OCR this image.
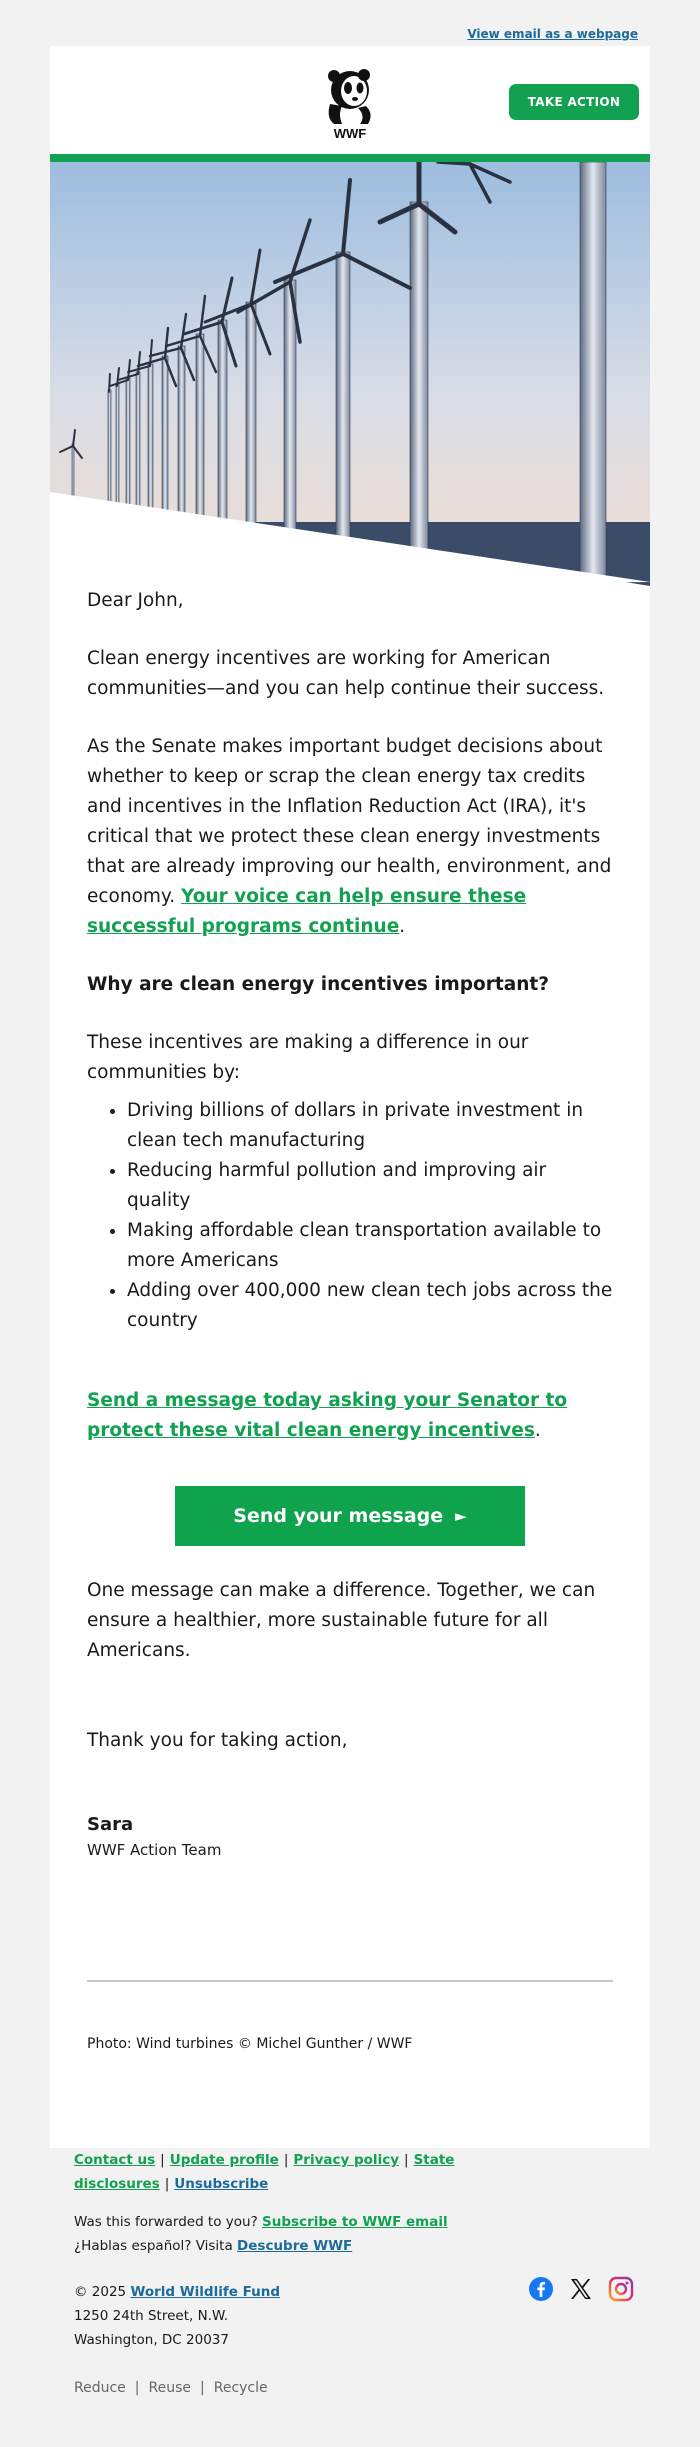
View email as a webpage
WWF
TAKE ACTION

Dear John,

Clean energy incentives are working for American communities—and you can help continue their success.

As the Senate makes important budget decisions about whether to keep or scrap the clean energy tax credits and incentives in the Inflation Reduction Act (IRA), it's critical that we protect these clean energy investments that are already improving our health, environment, and economy. Your voice can help ensure these successful programs continue.

Why are clean energy incentives important?

These incentives are making a difference in our communities by:

• Driving billions of dollars in private investment in clean tech manufacturing
• Reducing harmful pollution and improving air quality
• Making affordable clean transportation available to more Americans
• Adding over 400,000 new clean tech jobs across the country

Send a message today asking your Senator to protect these vital clean energy incentives.

Send your message ►

One message can make a difference. Together, we can ensure a healthier, more sustainable future for all Americans.

Thank you for taking action,

Sara

WWF Action Team

Photo: Wind turbines © Michel Gunther / WWF
Contact us | Update profile | Privacy policy | State disclosures | Unsubscribe
Was this forwarded to you? Subscribe to WWF email
¿Hablas español? Visita Descubre WWF
© 2025 World Wildlife Fund
1250 24th Street, N.W.
Washington, DC 20037
Reduce | Reuse | Recycle
